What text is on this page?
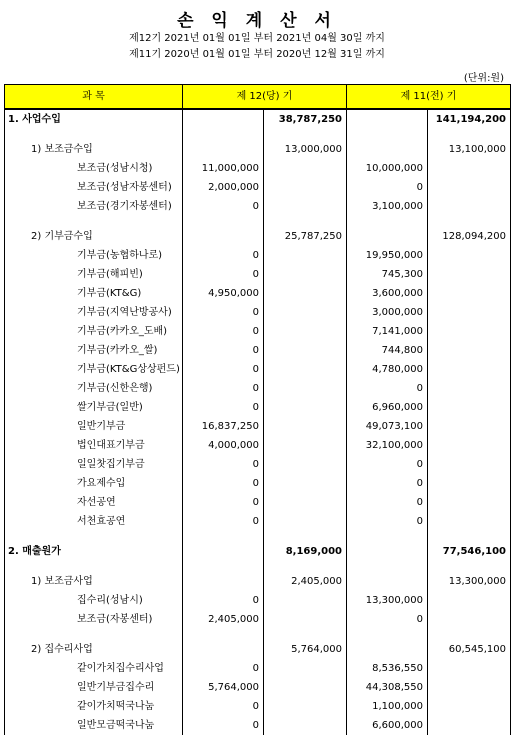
손 익 계 산 서
제12기 2021년 01월 01일 부터 2021년 04월 30일 까지
제11기 2020년 01월 01일 부터 2020년 12월 31일 까지
(단위:원)
과 목	제 12(당) 기		제 11(전) 기	
1. 사업수입		38,787,250		141,194,200

1) 보조금수입		13,000,000		13,100,000
보조금(성남시청)	11,000,000		10,000,000	
보조금(성남자봉센터)	2,000,000		0	
보조금(경기자봉센터)	0		3,100,000	

2) 기부금수입		25,787,250		128,094,200
기부금(농협하나로)	0		19,950,000	
기부금(해피빈)	0		745,300	
기부금(KT&G)	4,950,000		3,600,000	
기부금(지역난방공사)	0		3,000,000	
기부금(카카오_도배)	0		7,141,000	
기부금(카카오_쌀)	0		744,800	
기부금(KT&G상상펀드)	0		4,780,000	
기부금(신한은행)	0		0	
쌀기부금(일반)	0		6,960,000	
일반기부금	16,837,250		49,073,100	
법인대표기부금	4,000,000		32,100,000	
일일찻집기부금	0		0	
가요제수입	0		0	
자선공연	0		0	
서천효공연	0		0	

2. 매출원가		8,169,000		77,546,100

1) 보조금사업		2,405,000		13,300,000
집수리(성남시)	0		13,300,000	
보조금(자봉센터)	2,405,000		0	

2) 집수리사업		5,764,000		60,545,100
같이가치집수리사업	0		8,536,550	
일반기부금집수리	5,764,000		44,308,550	
같이가치떡국나눔	0		1,100,000	
일반모금떡국나눔	0		6,600,000	
